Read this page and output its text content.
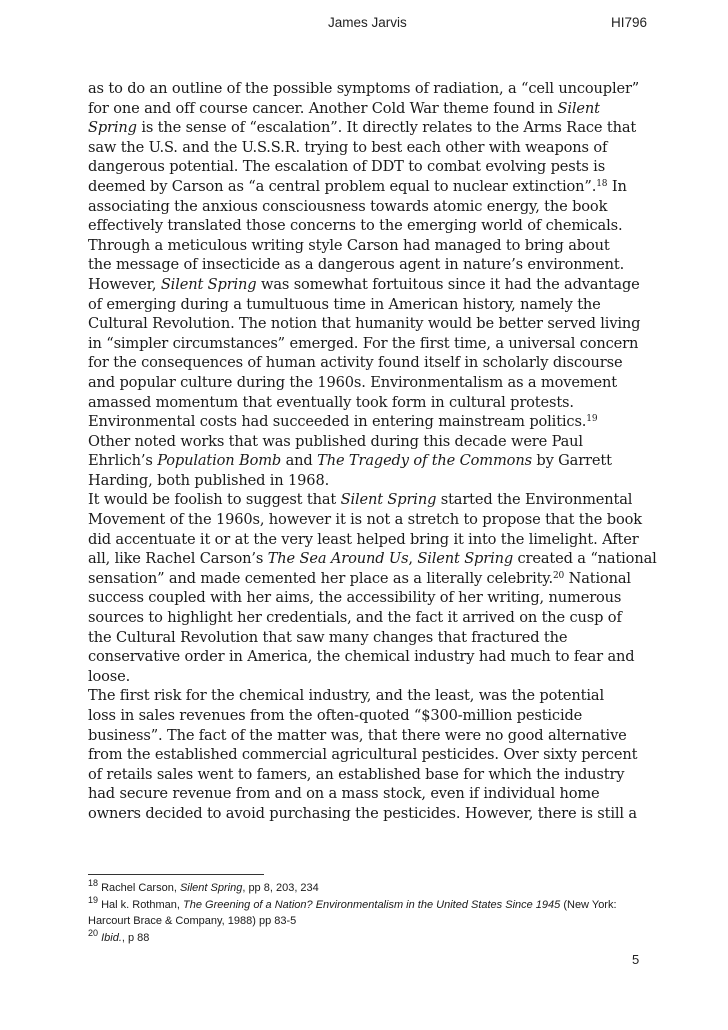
James Jarvis	HI796
as to do an outline of the possible symptoms of radiation, a “cell uncoupler”
for one and off course cancer. Another Cold War theme found in Silent
Spring is the sense of “escalation”. It directly relates to the Arms Race that
saw the U.S. and the U.S.S.R. trying to best each other with weapons of
dangerous potential. The escalation of DDT to combat evolving pests is
deemed by Carson as “a central problem equal to nuclear extinction”.$^{18}$ In
associating the anxious consciousness towards atomic energy, the book
effectively translated those concerns to the emerging world of chemicals.
Through a meticulous writing style Carson had managed to bring about
the message of insecticide as a dangerous agent in nature’s environment.
However, Silent Spring was somewhat fortuitous since it had the advantage
of emerging during a tumultuous time in American history, namely the
Cultural Revolution. The notion that humanity would be better served living
in “simpler circumstances” emerged. For the first time, a universal concern
for the consequences of human activity found itself in scholarly discourse
and popular culture during the 1960s. Environmentalism as a movement
amassed momentum that eventually took form in cultural protests.
Environmental costs had succeeded in entering mainstream politics.$^{19}$
Other noted works that was published during this decade were Paul
Ehrlich’s Population Bomb and The Tragedy of the Commons by Garrett
Harding, both published in 1968.
It would be foolish to suggest that Silent Spring started the Environmental
Movement of the 1960s, however it is not a stretch to propose that the book
did accentuate it or at the very least helped bring it into the limelight. After
all, like Rachel Carson’s The Sea Around Us, Silent Spring created a “national
sensation” and made cemented her place as a literally celebrity.$^{20}$ National
success coupled with her aims, the accessibility of her writing, numerous
sources to highlight her credentials, and the fact it arrived on the cusp of
the Cultural Revolution that saw many changes that fractured the
conservative order in America, the chemical industry had much to fear and
loose.
The first risk for the chemical industry, and the least, was the potential
loss in sales revenues from the often-quoted “$300-million pesticide
business”. The fact of the matter was, that there were no good alternative
from the established commercial agricultural pesticides. Over sixty percent
of retails sales went to famers, an established base for which the industry
had secure revenue from and on a mass stock, even if individual home
owners decided to avoid purchasing the pesticides. However, there is still a
$^{18}$ Rachel Carson, Silent Spring, pp 8, 203, 234
$^{19}$ Hal k. Rothman, The Greening of a Nation? Environmentalism in the United States Since 1945 (New York:
Harcourt Brace & Company, 1988) pp 83-5
$^{20}$ Ibid., p 88
5
